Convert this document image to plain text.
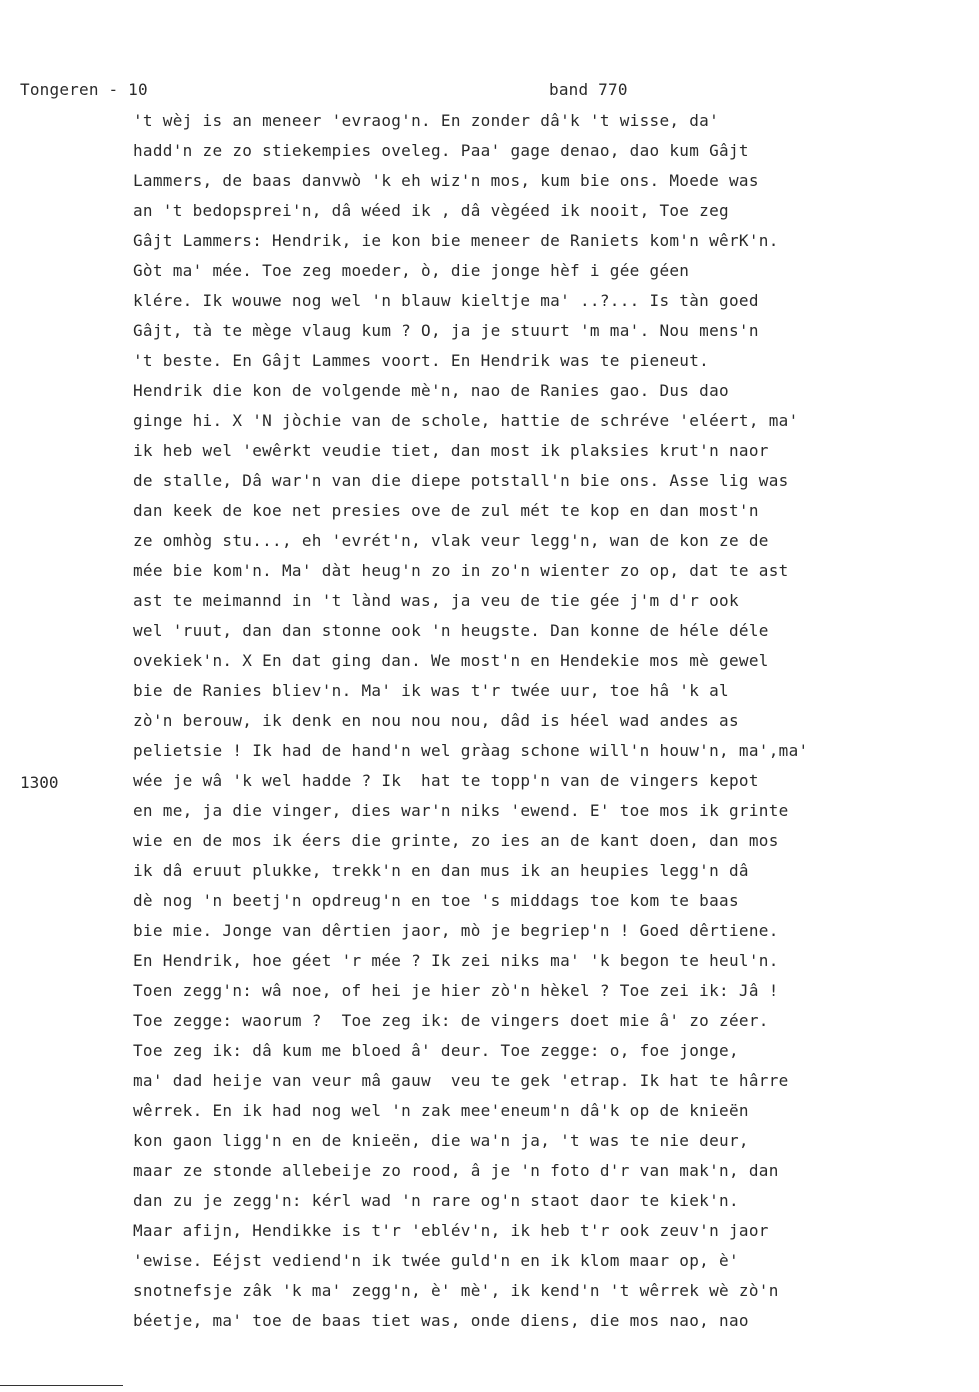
Tongeren - 10	band 770
1300
't wèj is an meneer 'evraog'n. En zonder dâ'k 't wisse, da'
hadd'n ze zo stiekempies oveleg. Paa' gage denao, dao kum Gâjt
Lammers, de baas danvwò 'k eh wiz'n mos, kum bie ons. Moede was
an 't bedopsprei'n, dâ wéed ik , dâ vègéed ik nooit, Toe zeg
Gâjt Lammers: Hendrik, ie kon bie meneer de Raniets kom'n wêrK'n.
Gòt ma' mée. Toe zeg moeder, ò, die jonge hèf i gée géen
klére. Ik wouwe nog wel 'n blauw kieltje ma' ..?... Is tàn goed
Gâjt, tà te mège vlaug kum ? O, ja je stuurt 'm ma'. Nou mens'n
't beste. En Gâjt Lammes voort. En Hendrik was te pieneut.
Hendrik die kon de volgende mè'n, nao de Ranies gao. Dus dao
ginge hi. X 'N jòchie van de schole, hattie de schréve 'eléert, ma'
ik heb wel 'ewêrkt veudie tiet, dan most ik plaksies krut'n naor
de stalle, Dâ war'n van die diepe potstall'n bie ons. Asse lig was
dan keek de koe net presies ove de zul mét te kop en dan most'n
ze omhòg stu..., eh 'evrét'n, vlak veur legg'n, wan de kon ze de
mée bie kom'n. Ma' dàt heug'n zo in zo'n wienter zo op, dat te ast
ast te meimannd in 't lànd was, ja veu de tie gée j'm d'r ook
wel 'ruut, dan dan stonne ook 'n heugste. Dan konne de héle déle
ovekiek'n. X En dat ging dan. We most'n en Hendekie mos mè gewel
bie de Ranies bliev'n. Ma' ik was t'r twée uur, toe hâ 'k al
zò'n berouw, ik denk en nou nou nou, dâd is héel wad andes as
pelietsie ! Ik had de hand'n wel gràag schone will'n houw'n, ma',ma'
wée je wâ 'k wel hadde ? Ik  hat te topp'n van de vingers kepot
en me, ja die vinger, dies war'n niks 'ewend. E' toe mos ik grinte
wie en de mos ik éers die grinte, zo ies an de kant doen, dan mos
ik dâ eruut plukke, trekk'n en dan mus ik an heupies legg'n dâ
dè nog 'n beetj'n opdreug'n en toe 's middags toe kom te baas
bie mie. Jonge van dêrtien jaor, mò je begriep'n ! Goed dêrtiene.
En Hendrik, hoe géet 'r mée ? Ik zei niks ma' 'k begon te heul'n.
Toen zegg'n: wâ noe, of hei je hier zò'n hèkel ? Toe zei ik: Jâ !
Toe zegge: waorum ?  Toe zeg ik: de vingers doet mie â' zo zéer.
Toe zeg ik: dâ kum me bloed â' deur. Toe zegge: o, foe jonge,
ma' dad heije van veur mâ gauw  veu te gek 'etrap. Ik hat te hârre
wêrrek. En ik had nog wel 'n zak mee'eneum'n dâ'k op de knieën
kon gaon ligg'n en de knieën, die wa'n ja, 't was te nie deur,
maar ze stonde allebeije zo rood, â je 'n foto d'r van mak'n, dan
dan zu je zegg'n: kérl wad 'n rare og'n staot daor te kiek'n.
Maar afijn, Hendikke is t'r 'eblév'n, ik heb t'r ook zeuv'n jaor
'ewise. Eéjst vediend'n ik twée guld'n en ik klom maar op, è'
snotnefsje zâk 'k ma' zegg'n, è' mè', ik kend'n 't wêrrek wè zò'n
béetje, ma' toe de baas tiet was, onde diens, die mos nao, nao
